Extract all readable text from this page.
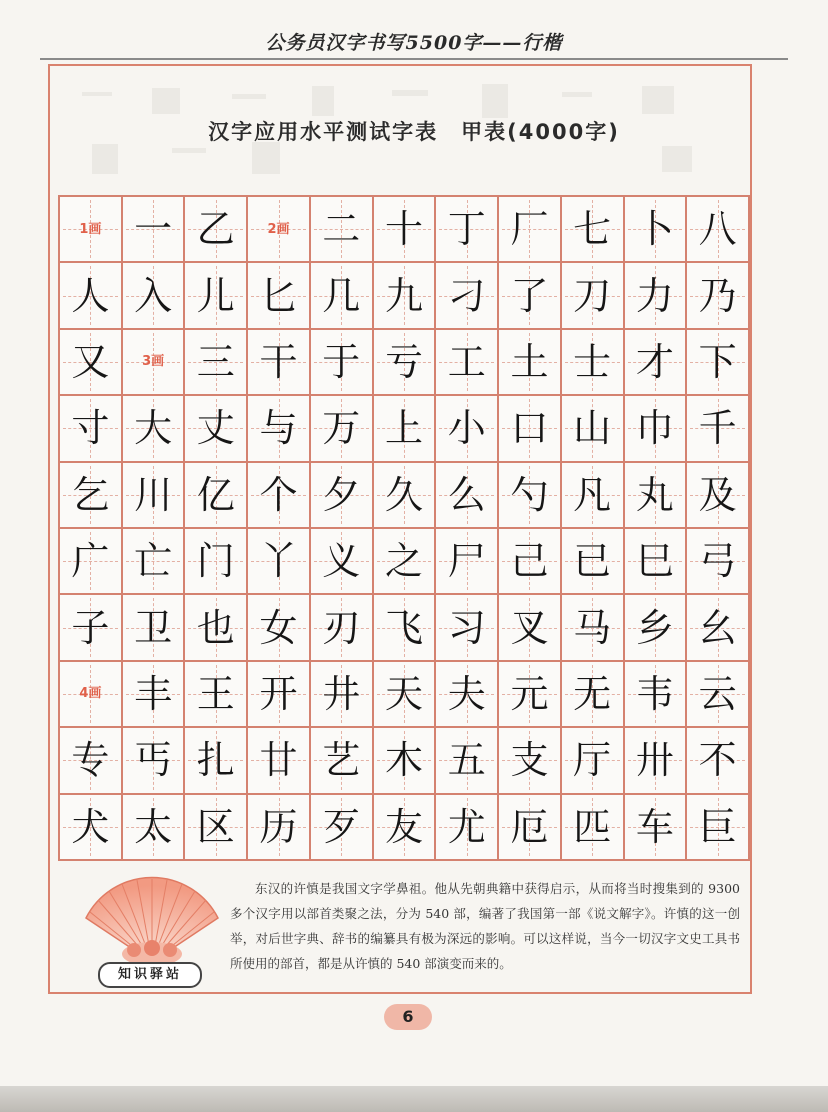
公务员汉字书写5500字——行楷
汉字应用水平测试字表　甲表(4000字)
1画 一 乙	2画 二 十 丁 厂 七 卜 八
人 入 儿 匕 几 九 刁 了 刀 力 乃
又	3画 三 干 于 亏 工 土 士 才 下
寸 大 丈 与 万 上 小 口 山 巾 千
乞 川 亿 个 夕 久 么 勺 凡 丸 及
广 亡 门 丫 义 之 尸 己 已 巳 弓
子 卫 也 女 刃 飞 习 叉 马 乡 幺
4画 丰 王 开 井 天 夫 元 无 韦 云
专 丐 扎 廿 艺 木 五 支 厅 卅 不
犬 太 区 历 歹 友 尤 厄 匹 车 巨
知识驿站
东汉的许慎是我国文字学鼻祖。他从先朝典籍中获得启示，从而将当时搜集到的 9300 多个汉字用以部首类聚之法，分为 540 部，编著了我国第一部《说文解字》。许慎的这一创举，对后世字典、辞书的编纂具有极为深远的影响。可以这样说，当今一切汉字文史工具书所使用的部首，都是从许慎的 540 部演变而来的。
6
